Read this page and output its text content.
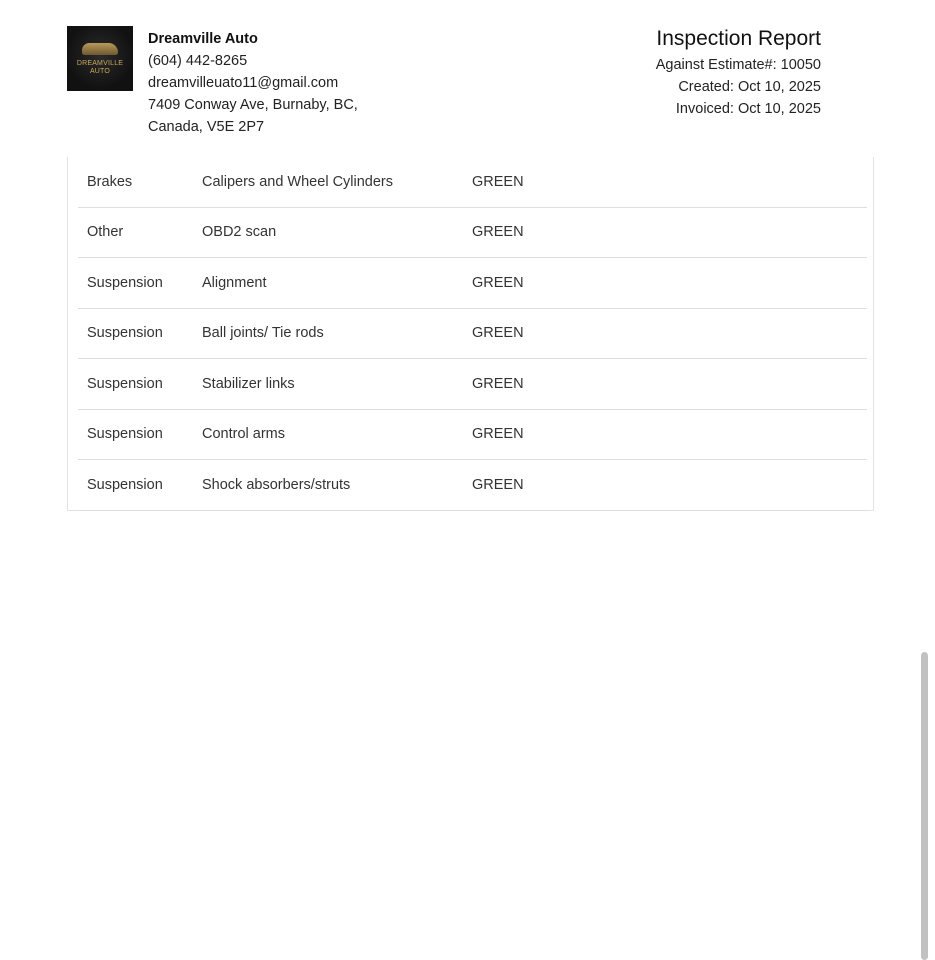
DREAMVILLE
AUTO
Dreamville Auto
(604) 442-8265
dreamvilleuato11@gmail.com
7409 Conway Ave, Burnaby, BC,
Canada, V5E 2P7
Inspection Report
Against Estimate#: 10050
Created: Oct 10, 2025
Invoiced: Oct 10, 2025
Brakes	Calipers and Wheel Cylinders	GREEN
Other	OBD2 scan	GREEN
Suspension	Alignment	GREEN
Suspension	Ball joints/ Tie rods	GREEN
Suspension	Stabilizer links	GREEN
Suspension	Control arms	GREEN
Suspension	Shock absorbers/struts	GREEN
